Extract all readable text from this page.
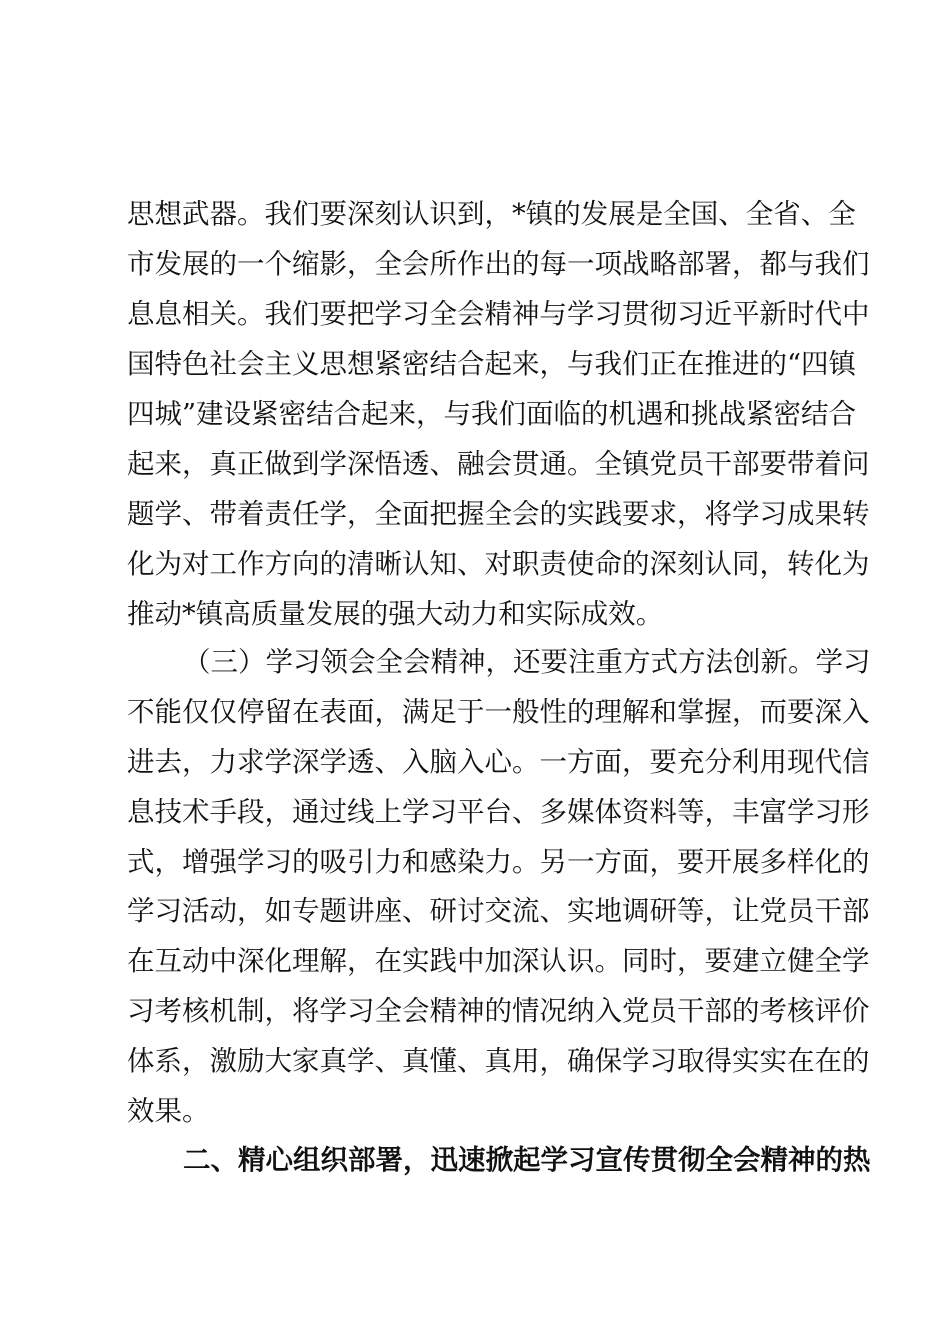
思想武器。我们要深刻认识到，*镇的发展是全国、全省、全
市发展的一个缩影，全会所作出的每一项战略部署，都与我们
息息相关。我们要把学习全会精神与学习贯彻习近平新时代中
国特色社会主义思想紧密结合起来，与我们正在推进的“四镇
四城”建设紧密结合起来，与我们面临的机遇和挑战紧密结合
起来，真正做到学深悟透、融会贯通。全镇党员干部要带着问
题学、带着责任学，全面把握全会的实践要求，将学习成果转
化为对工作方向的清晰认知、对职责使命的深刻认同，转化为
推动*镇高质量发展的强大动力和实际成效。
（三）学习领会全会精神，还要注重方式方法创新。学习
不能仅仅停留在表面，满足于一般性的理解和掌握，而要深入
进去，力求学深学透、入脑入心。一方面，要充分利用现代信
息技术手段，通过线上学习平台、多媒体资料等，丰富学习形
式，增强学习的吸引力和感染力。另一方面，要开展多样化的
学习活动，如专题讲座、研讨交流、实地调研等，让党员干部
在互动中深化理解，在实践中加深认识。同时，要建立健全学
习考核机制，将学习全会精神的情况纳入党员干部的考核评价
体系，激励大家真学、真懂、真用，确保学习取得实实在在的
效果。
二、精心组织部署，迅速掀起学习宣传贯彻全会精神的热
